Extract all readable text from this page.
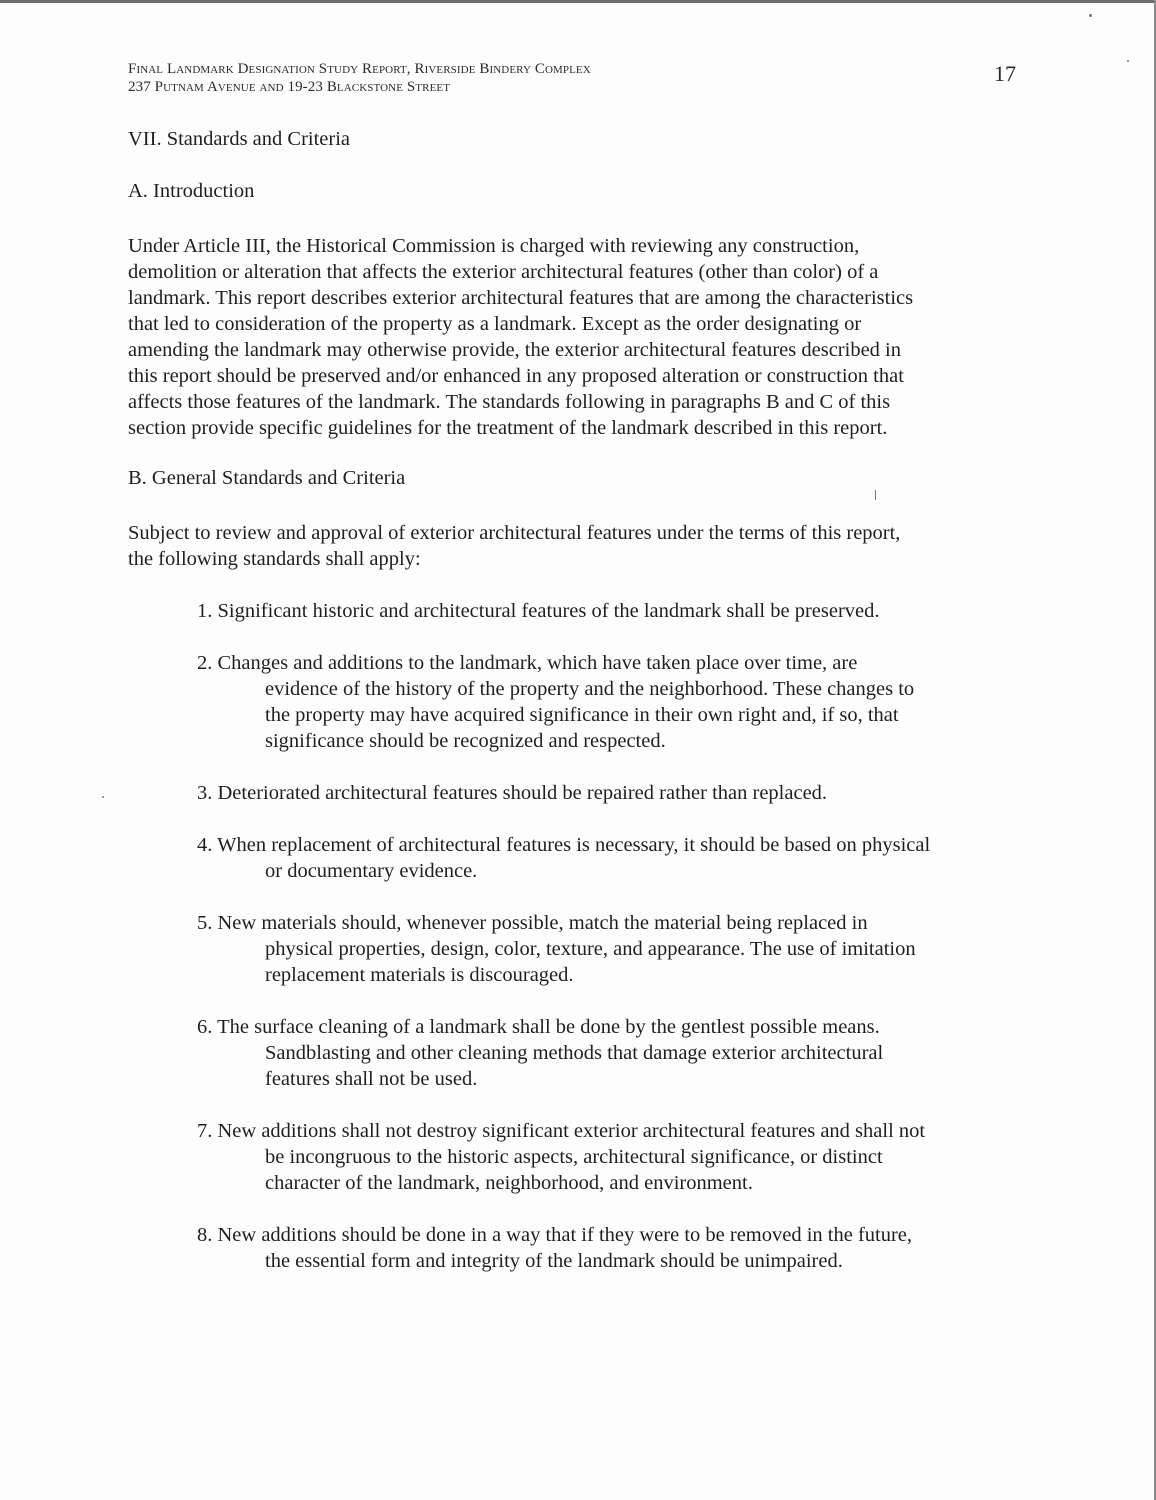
Final Landmark Designation Study Report, Riverside Bindery Complex
237 Putnam Avenue and 19-23 Blackstone Street
17
VII. Standards and Criteria
A. Introduction
Under Article III, the Historical Commission is charged with reviewing any construction,
demolition or alteration that affects the exterior architectural features (other than color) of a
landmark. This report describes exterior architectural features that are among the characteristics
that led to consideration of the property as a landmark. Except as the order designating or
amending the landmark may otherwise provide, the exterior architectural features described in
this report should be preserved and/or enhanced in any proposed alteration or construction that
affects those features of the landmark. The standards following in paragraphs B and C of this
section provide specific guidelines for the treatment of the landmark described in this report.
B. General Standards and Criteria
Subject to review and approval of exterior architectural features under the terms of this report,
the following standards shall apply:
1. Significant historic and architectural features of the landmark shall be preserved.
2. Changes and additions to the landmark, which have taken place over time, are
evidence of the history of the property and the neighborhood. These changes to
the property may have acquired significance in their own right and, if so, that
significance should be recognized and respected.
3. Deteriorated architectural features should be repaired rather than replaced.
4. When replacement of architectural features is necessary, it should be based on physical
or documentary evidence.
5. New materials should, whenever possible, match the material being replaced in
physical properties, design, color, texture, and appearance. The use of imitation
replacement materials is discouraged.
6. The surface cleaning of a landmark shall be done by the gentlest possible means.
Sandblasting and other cleaning methods that damage exterior architectural
features shall not be used.
7. New additions shall not destroy significant exterior architectural features and shall not
be incongruous to the historic aspects, architectural significance, or distinct
character of the landmark, neighborhood, and environment.
8. New additions should be done in a way that if they were to be removed in the future,
the essential form and integrity of the landmark should be unimpaired.
